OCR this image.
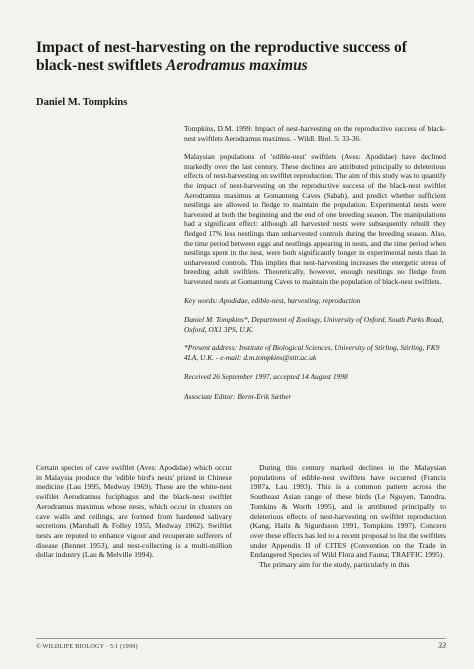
Impact of nest-harvesting on the reproductive success of black-nest swiftlets Aerodramus maximus

Daniel M. Tompkins

Tompkins, D.M. 1999: Impact of nest-harvesting on the reproductive success of black-nest swiftlets Aerodramus maximus. - Wildl. Biol. 5: 33-36.

Malaysian populations of 'edible-nest' swiftlets (Aves: Apodidae) have declined markedly over the last century. These declines are attributed principally to deleterious effects of nest-harvesting on swiftlet reproduction. The aim of this study was to quantify the impact of nest-harvesting on the reproductive success of the black-nest swiftlet Aerodramus maximus at Gomantong Caves (Sabah), and predict whether sufficient nestlings are allowed to fledge to maintain the population. Experimental nests were harvested at both the beginning and the end of one breeding season. The manipulations had a significant effect: although all harvested nests were subsequently rebuilt they fledged 17% less nestlings than unharvested controls during the breeding season. Also, the time period between eggs and nestlings appearing in nests, and the time period when nestlings spent in the nest, were both significantly longer in experimental nests than in unharvested controls. This implies that nest-harvesting increases the energetic stress of breeding adult swiftlets. Theoretically, however, enough nestlings no fledge from harvested nests at Gomantong Caves to maintain the population of black-nest swiftlets.

Key words: Apodidae, edible-nest, harvesting, reproduction

Daniel M. Tompkins*, Department of Zoology, University of Oxford, South Parks Road, Oxford, OX1 3PS, U.K.

*Present address: Institute of Biological Sciences, University of Stirling, Stirling, FK9 4LA, U.K. - e-mail: d.m.tompkins@stir.ac.uk

Received 26 September 1997, accepted 14 August 1998

Associate Editor: Bernt-Erik Sæther

Certain species of cave swiftlet (Aves: Apodidae) which occur in Malaysia produce the 'edible bird's nests' prized in Chinese medicine (Lau 1995, Medway 1969). These are the white-nest swiftlet Aerodramus fuciphagus and the black-nest swiftlet Aerodramus maximus whose nests, which occur in clusters on cave walls and ceilings, are formed from hardened salivary secretions (Marshall & Folley 1955, Medway 1962). Swiftlet nests are reputed to enhance vigour and recuperate sufferers of disease (Bennet 1953), and nest-collecting is a multi-million dollar industry (Lau & Melville 1994).

During this century marked declines in the Malaysian populations of edible-nest swiftlets have occurred (Francis 1987a, Lau 1993). This is a common pattern across the Southeast Asian range of these birds (Le Nguyen, Tanodra, Tomkins & Worth 1995), and is attributed principally to deleterious effects of nest-harvesting on swiftlet reproduction (Kang, Hails & Sigurdsson 1991, Tompkins 1997). Concern over these effects has led to a recent proposal to list the swiftlets under Appendix II of CITES (Convention on the Trade in Endangered Species of Wild Flora and Fauna; TRAFFIC 1995).

The primary aim for the study, particularly in this

© WILDLIFE BIOLOGY · 5:1 (1999)	33
